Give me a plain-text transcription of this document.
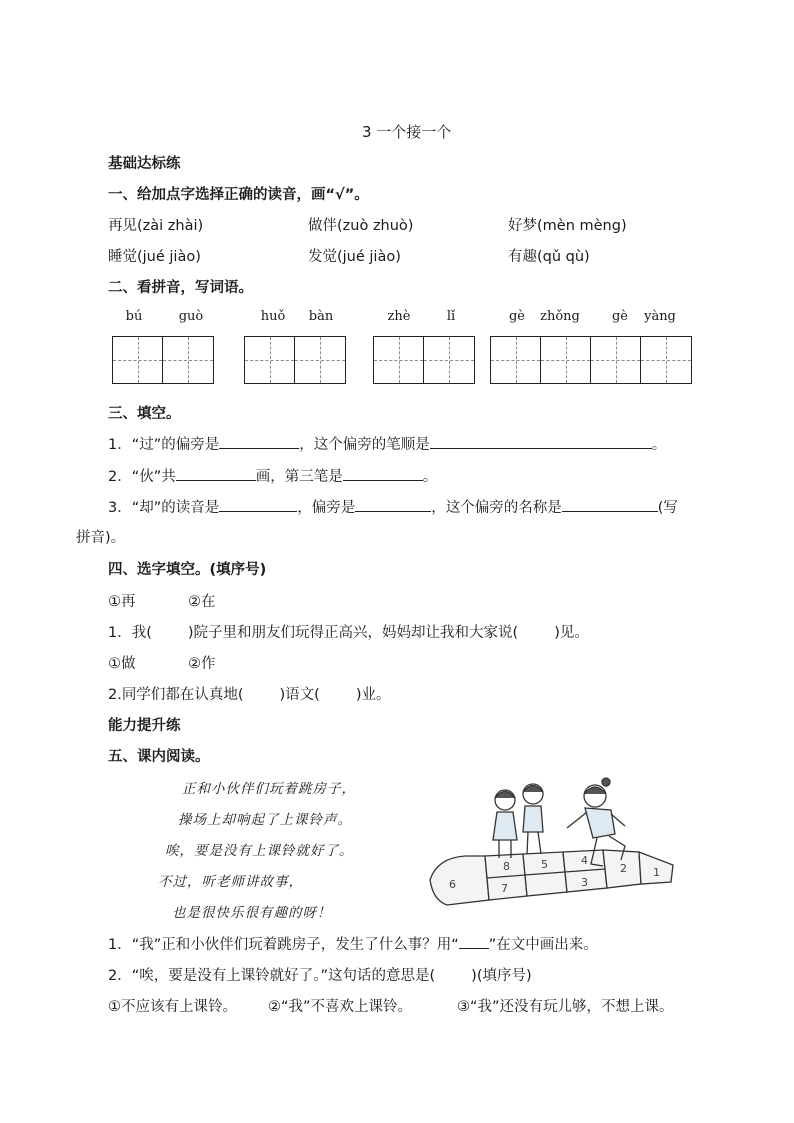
3 一个接一个
基础达标练
一、给加点字选择正确的读音，画“√”。
再见(zài zhài)	做伴(zuò zhuò)	好梦(mèn mèng)
睡觉(jué jiào)	发觉(jué jiào)	有趣(qǔ qù)
二、看拼音，写词语。
bú	guò	huǒ	bàn	zhè	lǐ	gè	zhǒng	gè	yàng
三、填空。
1．“过”的偏旁是	，这个偏旁的笔顺是	。
2．“伙”共	画，第三笔是	。
3．“却”的读音是	，偏旁是	，这个偏旁的名称是	(写
拼音)。
四、选字填空。(填序号)
①再	②在
1．我( )院子里和朋友们玩得正高兴，妈妈却让我和大家说( )见。
①做	②作
2.同学们都在认真地( )语文( )业。
能力提升练
五、课内阅读。
正和小伙伴们玩着跳房子，
操场上却响起了上课铃声。
唉，要是没有上课铃就好了。
不过，听老师讲故事，
也是很快乐很有趣的呀！
6	7
8	5	4
3
2 1
1．“我”正和小伙伴们玩着跳房子，发生了什么事？用“ ”在文中画出来。
2．“唉，要是没有上课铃就好了。”这句话的意思是( )(填序号)
①不应该有上课铃。 ②“我”不喜欢上课铃。	③“我”还没有玩儿够，不想上课。
